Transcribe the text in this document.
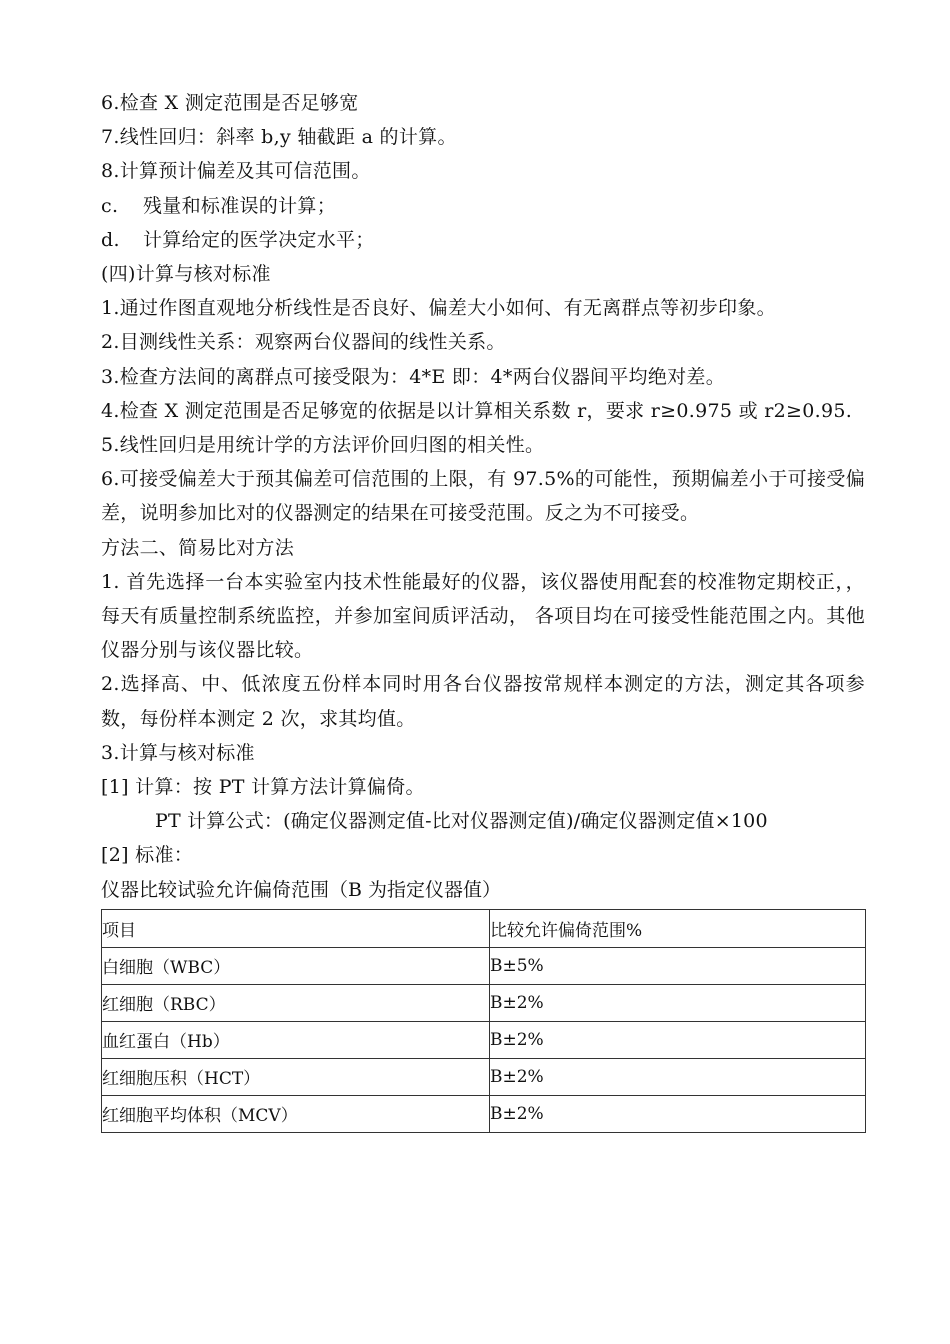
6.检查 X 测定范围是否足够宽
7.线性回归：斜率 b,y 轴截距 a 的计算。
8.计算预计偏差及其可信范围。
c. 残量和标准误的计算；
d. 计算给定的医学决定水平；
(四)计算与核对标准
1.通过作图直观地分析线性是否良好、偏差大小如何、有无离群点等初步印象。
2.目测线性关系：观察两台仪器间的线性关系。
3.检查方法间的离群点可接受限为：4*E 即：4*两台仪器间平均绝对差。
4.检查 X 测定范围是否足够宽的依据是以计算相关系数 r，要求 r≥0.975 或 r2≥0.95.
5.线性回归是用统计学的方法评价回归图的相关性。
6.可接受偏差大于预其偏差可信范围的上限，有 97.5%的可能性，预期偏差小于可接受偏差，说明参加比对的仪器测定的结果在可接受范围。反之为不可接受。
方法二、简易比对方法
1. 首先选择一台本实验室内技术性能最好的仪器，该仪器使用配套的校准物定期校正，，每天有质量控制系统监控，并参加室间质评活动， 各项目均在可接受性能范围之内。其他仪器分别与该仪器比较。
2.选择高、中、低浓度五份样本同时用各台仪器按常规样本测定的方法，测定其各项参数，每份样本测定 2 次，求其均值。
3.计算与核对标准
[1] 计算：按 PT 计算方法计算偏倚。
PT 计算公式：(确定仪器测定值-比对仪器测定值)/确定仪器测定值×100
[2] 标准：
仪器比较试验允许偏倚范围（B 为指定仪器值）
项目	比较允许偏倚范围%
白细胞（WBC）	B±5%
红细胞（RBC）	B±2%
血红蛋白（Hb）	B±2%
红细胞压积（HCT）	B±2%
红细胞平均体积（MCV）	B±2%
